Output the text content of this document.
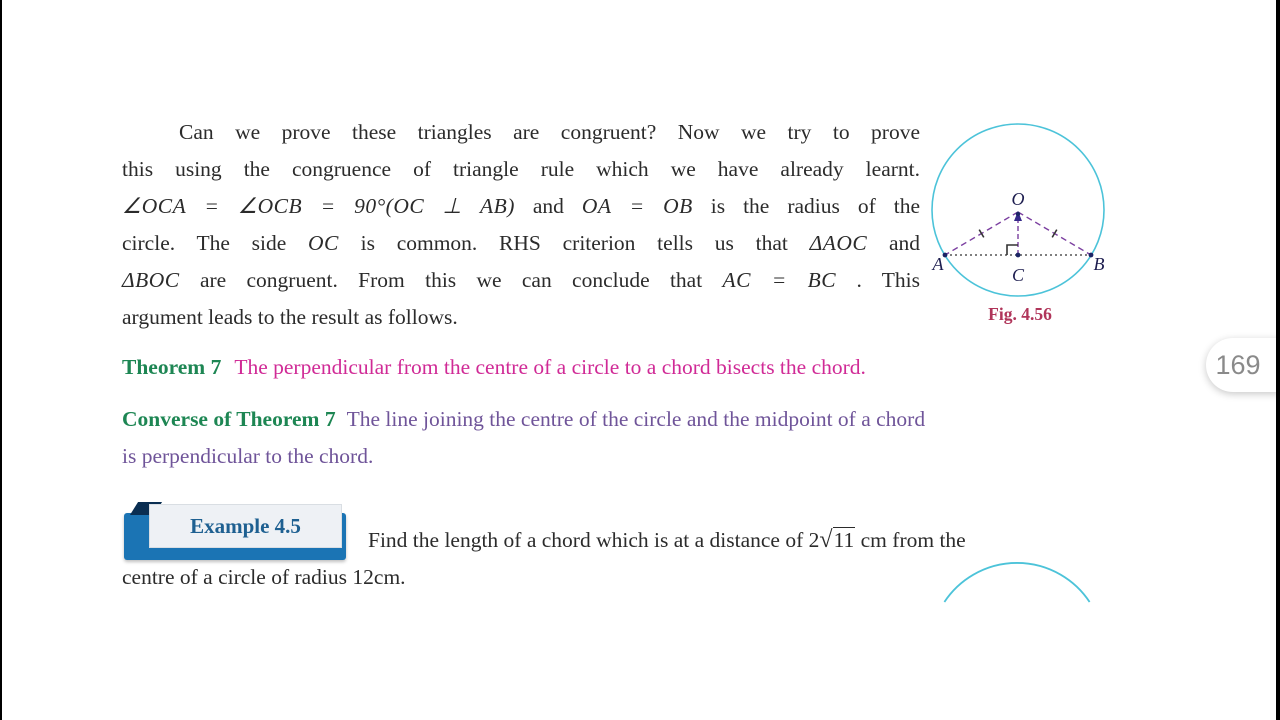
Can we prove these triangles are congruent? Now we try to prove
this using the congruence of triangle rule which we have already learnt.
∠OCA = ∠OCB = 90°(OC ⊥ AB) and OA = OB is the radius of the
circle. The side OC is common. RHS criterion tells us that ΔAOC and
ΔBOC are congruent. From this we can conclude that AC = BC . This
argument leads to the result as follows.
O
A	B
C
Fig. 4.56
Theorem 7 The perpendicular from the centre of a circle to a chord bisects the chord.
Converse of Theorem 7 The line joining the centre of the circle and the midpoint of a chord
is perpendicular to the chord.
Example 4.5
Find the length of a chord which is at a distance of 2√11 cm from the
centre of a circle of radius 12cm.
169
